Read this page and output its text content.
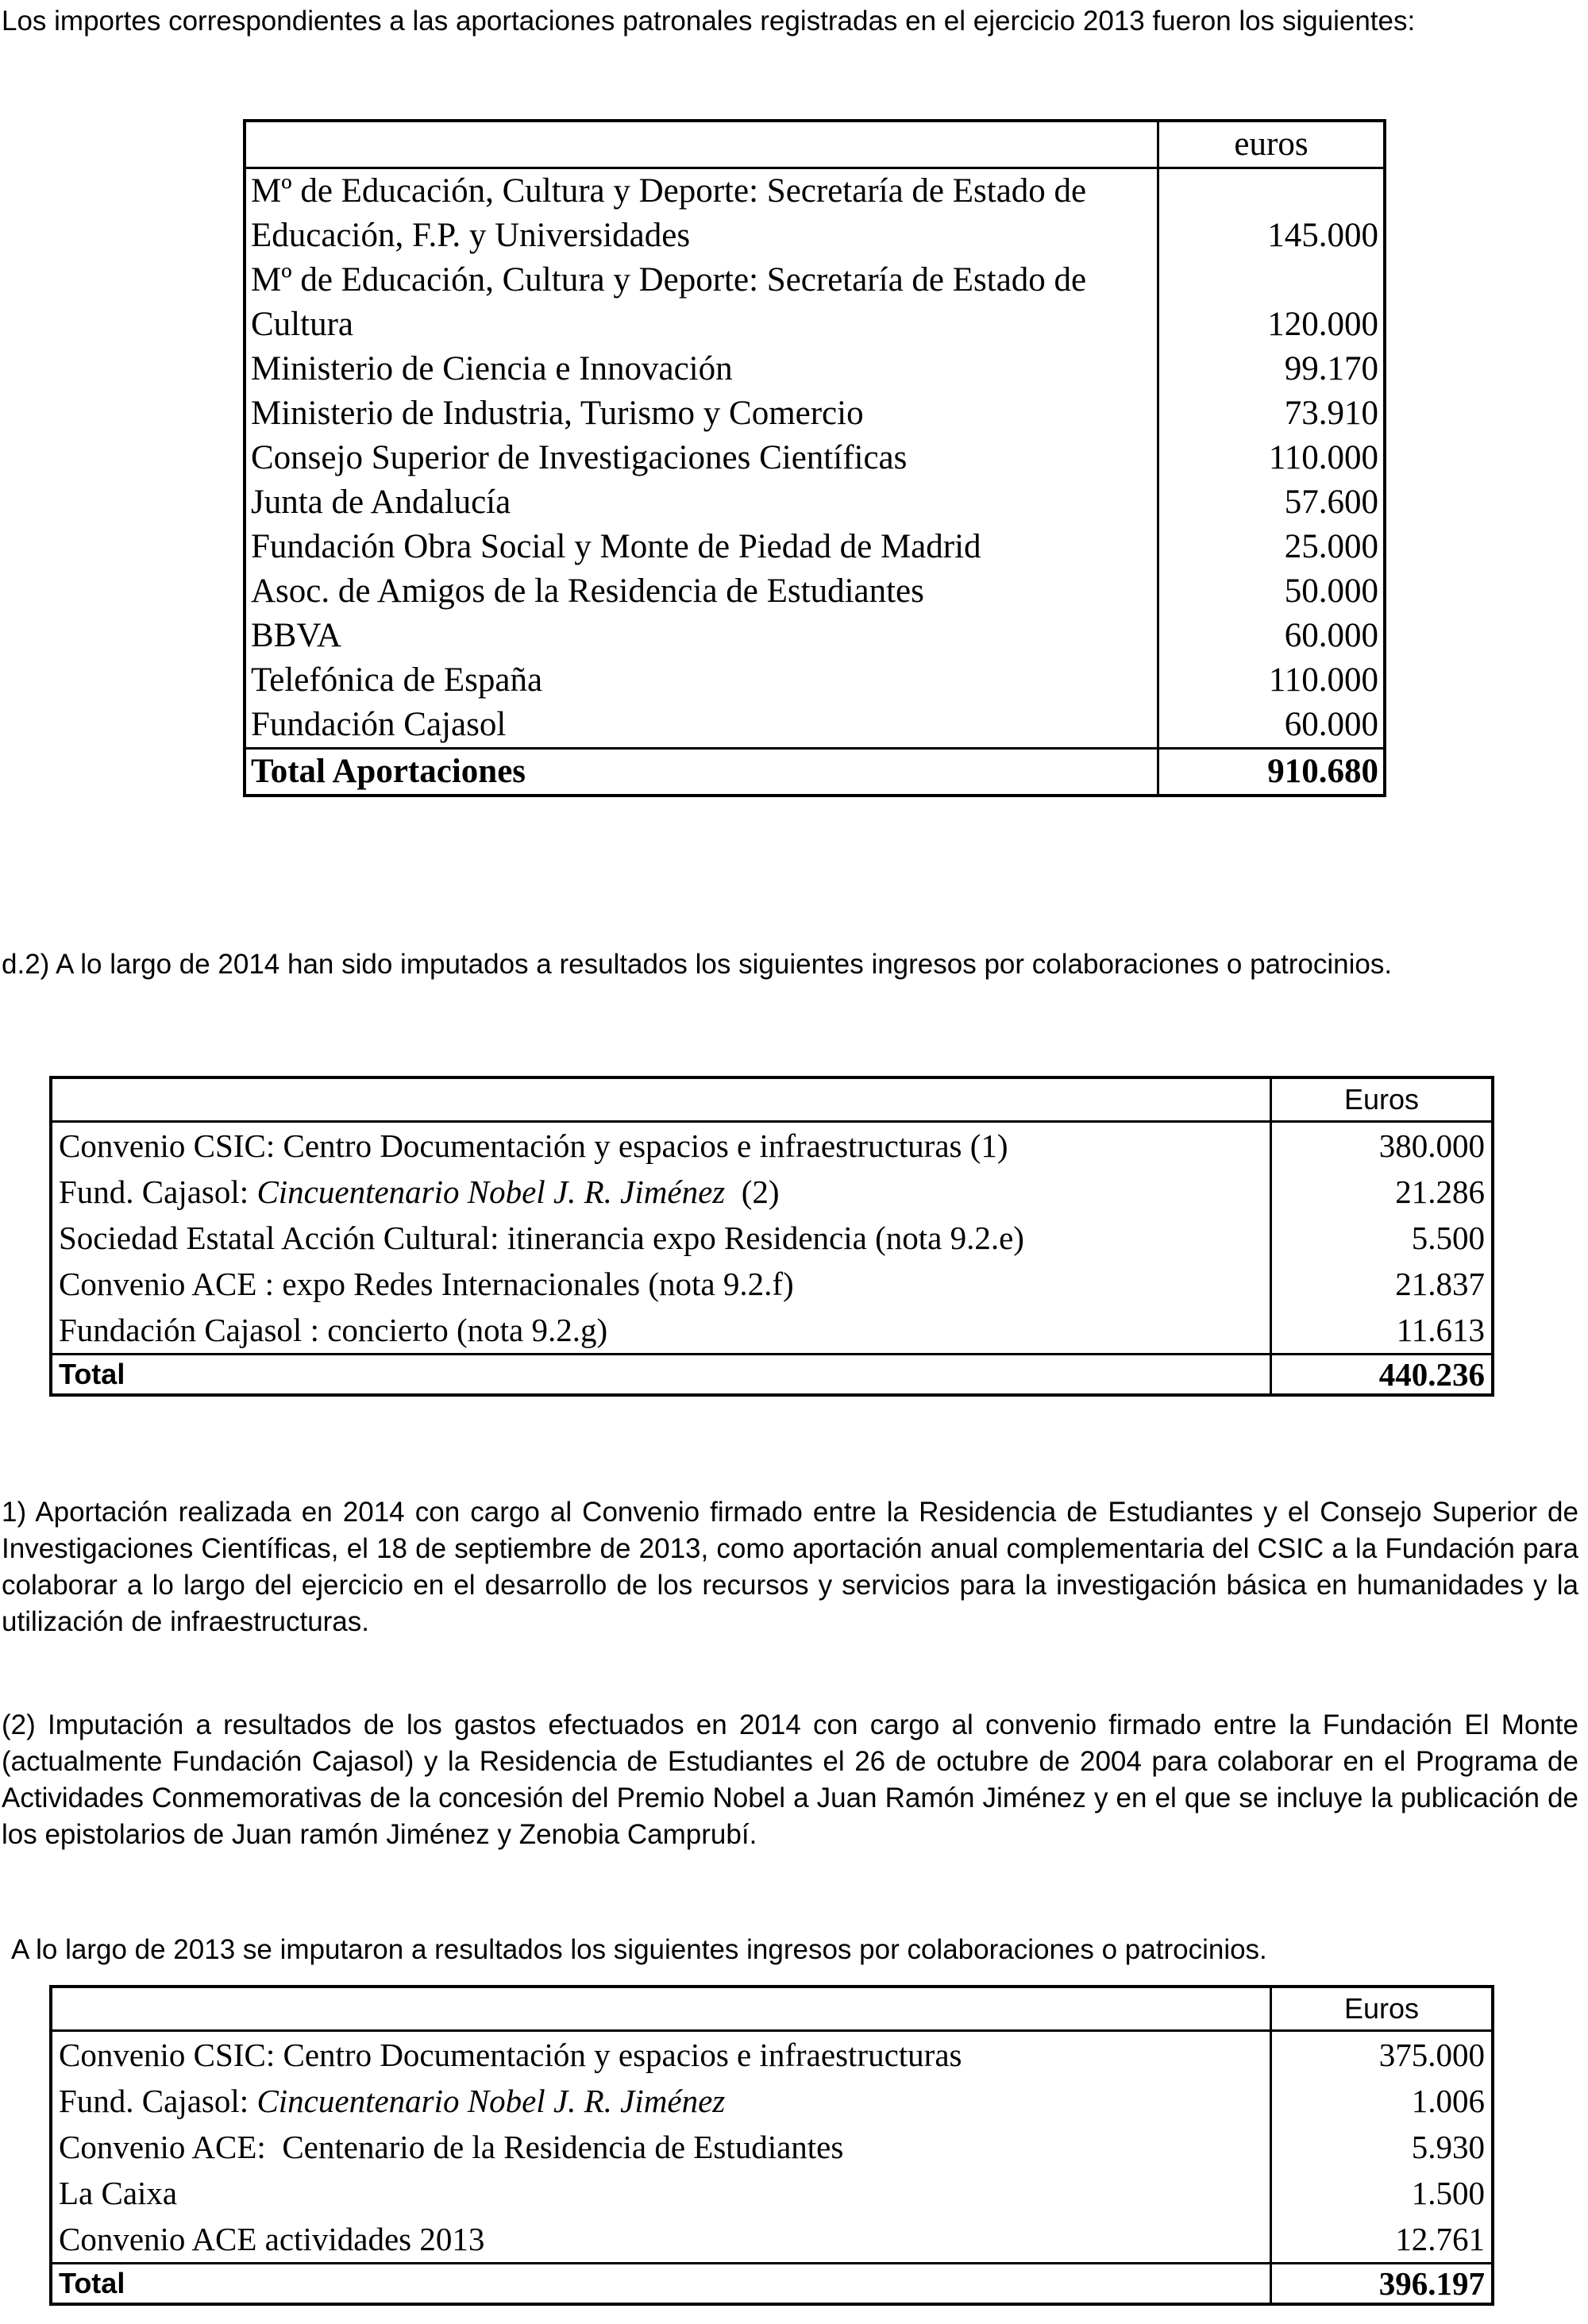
Los importes correspondientes a las aportaciones patronales registradas en el ejercicio 2013 fueron los siguientes:

	euros
Mº de Educación, Cultura y Deporte: Secretaría de Estado de Educación, F.P. y Universidades	145.000
Mº de Educación, Cultura y Deporte: Secretaría de Estado de Cultura	120.000
Ministerio de Ciencia e Innovación	99.170
Ministerio de Industria, Turismo y Comercio	73.910
Consejo Superior de Investigaciones Científicas	110.000
Junta de Andalucía	57.600
Fundación Obra Social y Monte de Piedad de Madrid	25.000
Asoc. de Amigos de la Residencia de Estudiantes	50.000
BBVA	60.000
Telefónica de España	110.000
Fundación Cajasol	60.000
Total Aportaciones	910.680

d.2) A lo largo de 2014 han sido imputados a resultados los siguientes ingresos por colaboraciones o patrocinios.

	Euros
Convenio CSIC: Centro Documentación y espacios e infraestructuras (1)	380.000
Fund. Cajasol: Cincuentenario Nobel J. R. Jiménez  (2)	21.286
Sociedad Estatal Acción Cultural: itinerancia expo Residencia (nota 9.2.e)	5.500
Convenio ACE : expo Redes Internacionales (nota 9.2.f)	21.837
Fundación Cajasol : concierto (nota 9.2.g)	11.613
Total	440.236

1) Aportación realizada en 2014 con cargo al Convenio firmado entre la Residencia de Estudiantes y el Consejo Superior de Investigaciones Científicas, el 18 de septiembre de 2013, como aportación anual complementaria del CSIC a la Fundación para colaborar a lo largo del ejercicio en el desarrollo de los recursos y servicios para la investigación básica en humanidades y la utilización de infraestructuras.

(2) Imputación a resultados de los gastos efectuados en 2014 con cargo al convenio firmado entre la Fundación El Monte (actualmente Fundación Cajasol) y la Residencia de Estudiantes el 26 de octubre de 2004 para colaborar en el Programa de Actividades Conmemorativas de la concesión del Premio Nobel a Juan Ramón Jiménez y en el que se incluye la publicación de los epistolarios de Juan ramón Jiménez y Zenobia Camprubí.

A lo largo de 2013 se imputaron a resultados los siguientes ingresos por colaboraciones o patrocinios.

	Euros
Convenio CSIC: Centro Documentación y espacios e infraestructuras	375.000
Fund. Cajasol: Cincuentenario Nobel J. R. Jiménez	1.006
Convenio ACE:  Centenario de la Residencia de Estudiantes	5.930
La Caixa	1.500
Convenio ACE actividades 2013	12.761
Total	396.197
